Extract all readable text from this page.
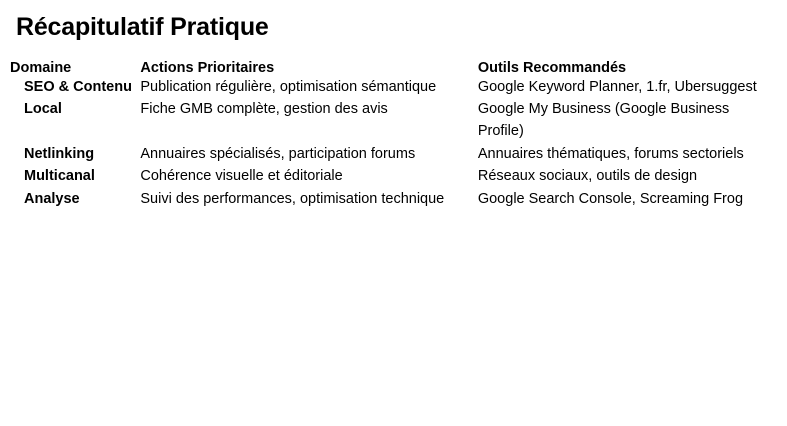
Récapitulatif Pratique
Domaine	Actions Prioritaires	Outils Recommandés
SEO & Contenu	Publication régulière, optimisation sémantique	Google Keyword Planner, 1.fr, Ubersuggest
Local	Fiche GMB complète, gestion des avis	Google My Business (Google Business Profile)
Netlinking	Annuaires spécialisés, participation forums	Annuaires thématiques, forums sectoriels
Multicanal	Cohérence visuelle et éditoriale	Réseaux sociaux, outils de design
Analyse	Suivi des performances, optimisation technique	Google Search Console, Screaming Frog
